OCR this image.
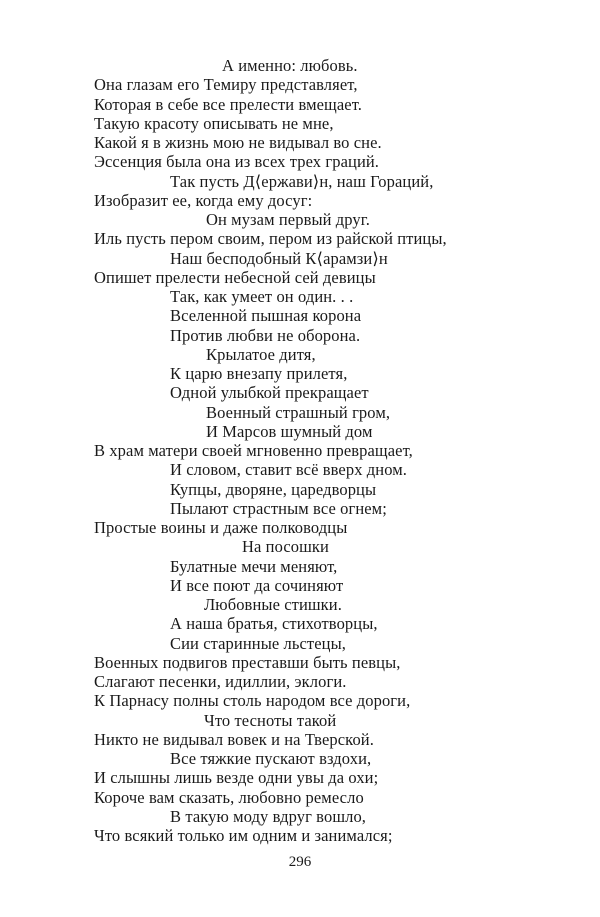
А именно: любовь.
Она глазам его Темиру представляет,
Которая в себе все прелести вмещает.
Такую красоту описывать не мне,
Какой я в жизнь мою не видывал во сне.
Эссенция была она из всех трех граций.
Так пусть Д⟨ержави⟩н, наш Гораций,
Изобразит ее, когда ему досуг:
Он музам первый друг.
Иль пусть пером своим, пером из райской птицы,
Наш бесподобный К⟨арамзи⟩н
Опишет прелести небесной сей девицы
Так, как умеет он один. . .
Вселенной пышная корона
Против любви не оборона.
Крылатое дитя,
К царю внезапу прилетя,
Одной улыбкой прекращает
Военный страшный гром,
И Марсов шумный дом
В храм матери своей мгновенно превращает,
И словом, ставит всё вверх дном.
Купцы, дворяне, царедворцы
Пылают страстным все огнем;
Простые воины и даже полководцы
На посошки
Булатные мечи меняют,
И все поют да сочиняют
Любовные стишки.
А наша братья, стихотворцы,
Сии старинные льстецы,
Военных подвигов преставши быть певцы,
Слагают песенки, идиллии, эклоги.
К Парнасу полны столь народом все дороги,
Что тесноты такой
Никто не видывал вовек и на Тверской.
Все тяжкие пускают вздохи,
И слышны лишь везде одни увы да охи;
Короче вам сказать, любовно ремесло
В такую моду вдруг вошло,
Что всякий только им одним и занимался;
296
